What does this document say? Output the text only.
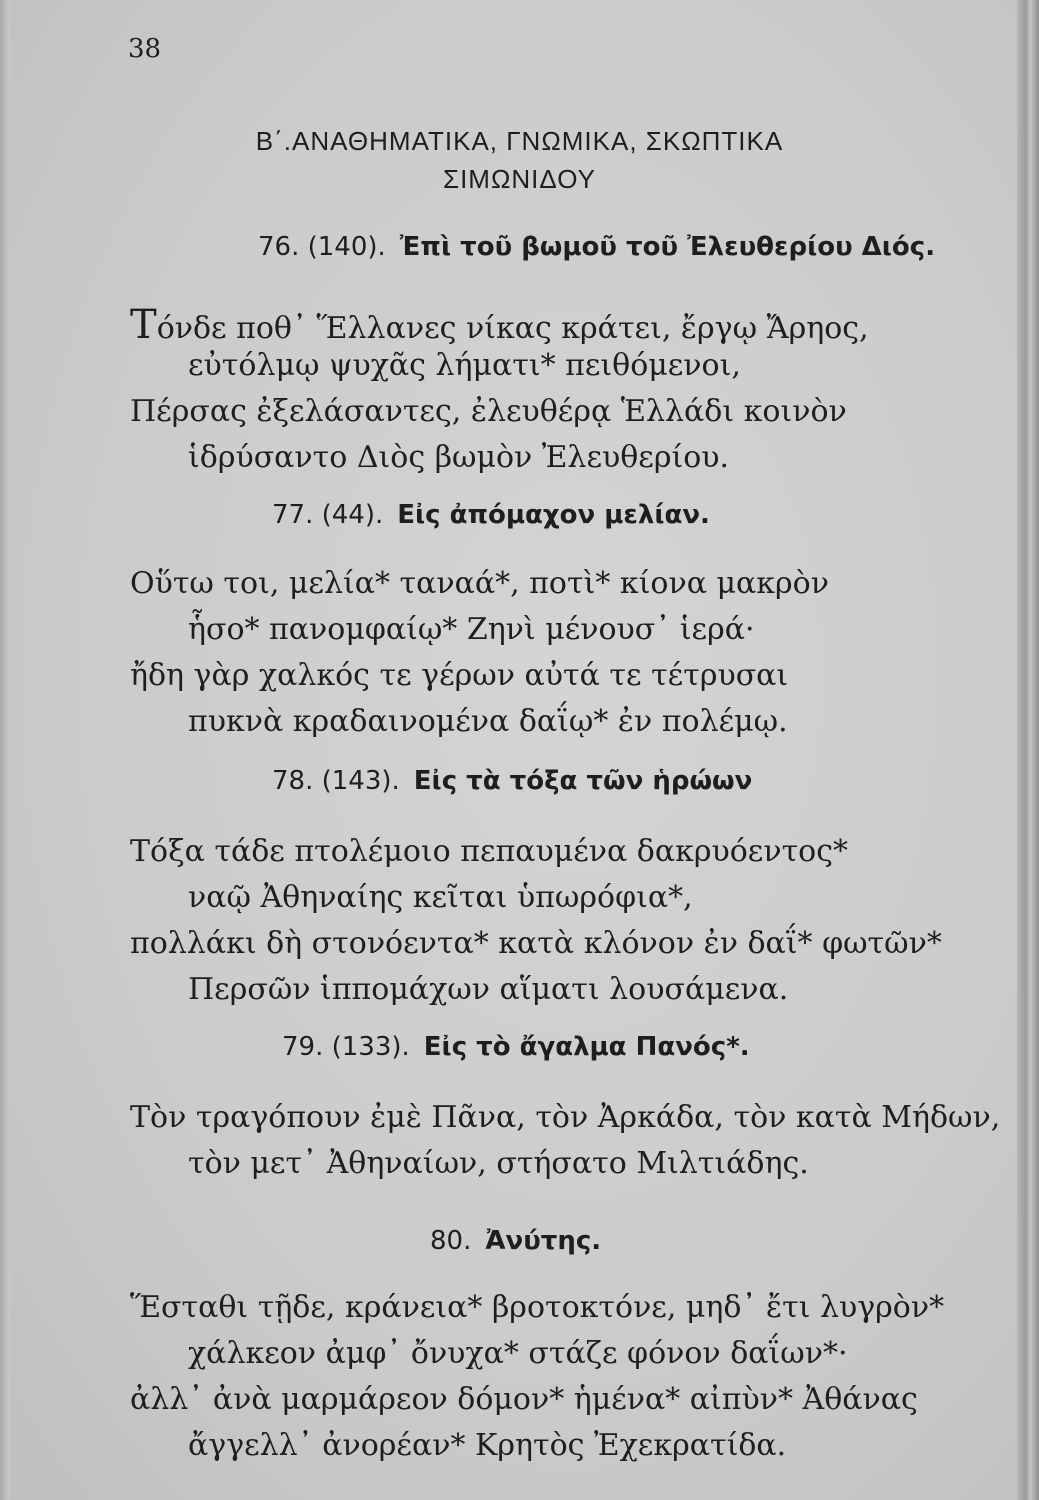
38
Β΄.ΑΝΑΘΗΜΑΤΙΚΑ, ΓΝΩΜΙΚΑ, ΣΚΩΠΤΙΚΑ
ΣΙΜΩΝΙΔΟΥ
76. (140). Ἐπὶ τοῦ βωμοῦ τοῦ Ἐλευθερίου Διός.
Τόνδε ποθ᾽ Ἕλλανες νίκας κράτει, ἔργῳ Ἄρηος,
εὐτόλμῳ ψυχᾶς λήματι* πειθόμενοι,
Πέρσας ἐξελάσαντες, ἐλευθέρᾳ Ἑλλάδι κοινὸν
ἱδρύσαντο Διὸς βωμὸν Ἐλευθερίου.
77. (44). Εἰς ἀπόμαχον μελίαν.
Οὕτω τοι, μελία* ταναά*, ποτὶ* κίονα μακρὸν
ἧσο* πανομφαίῳ* Ζηνὶ μένουσ᾽ ἱερά·
ἤδη γὰρ χαλκός τε γέρων αὐτά τε τέτρυσαι
πυκνὰ κραδαινομένα δαΐῳ* ἐν πολέμῳ.
78. (143). Εἰς τὰ τόξα τῶν ἡρώων
Τόξα τάδε πτολέμοιο πεπαυμένα δακρυόεντος*
ναῷ Ἀθηναίης κεῖται ὑπωρόφια*,
πολλάκι δὴ στονόεντα* κατὰ κλόνον ἐν δαΐ* φωτῶν*
Περσῶν ἱππομάχων αἵματι λουσάμενα.
79. (133). Εἰς τὸ ἄγαλμα Πανός*.
Τὸν τραγόπουν ἐμὲ Πᾶνα, τὸν Ἀρκάδα, τὸν κατὰ Μήδων,
τὸν μετ᾽ Ἀθηναίων, στήσατο Μιλτιάδης.
80. Ἀνύτης.
Ἕσταθι τῇδε, κράνεια* βροτοκτόνε, μηδ᾽ ἔτι λυγρὸν*
χάλκεον ἀμφ᾽ ὄνυχα* στάζε φόνον δαΐων*·
ἀλλ᾽ ἀνὰ μαρμάρεον δόμον* ἡμένα* αἰπὺν* Ἀθάνας
ἄγγελλ᾽ ἀνορέαν* Κρητὸς Ἐχεκρατίδα.
